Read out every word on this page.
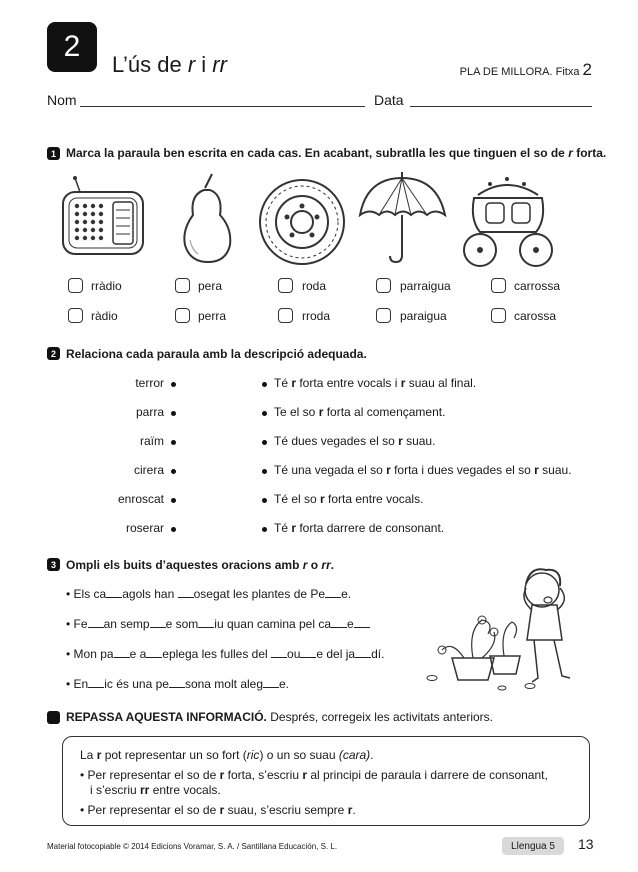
2
L’ús de r i rr	PLA DE MILLORA. Fitxa 2
Nom	Data
1 Marca la paraula ben escrita en cada cas. En acabant, subratlla les que tinguen el so de r forta.
rràdio	pera	roda	parraigua	carrossa
ràdio	perra	rroda	paraigua	carossa
2 Relaciona cada paraula amb la descripció adequada.
terror	Té r forta entre vocals i r suau al final.
parra	Te el so r forta al començament.
raïm	Té dues vegades el so r suau.
cirera	Té una vegada el so r forta i dues vegades el so r suau.
enroscat	Té el so r forta entre vocals.
roserar	Té r forta darrere de consonant.
3 Ompli els buits d’aquestes oracions amb r o rr.
• Els ca agols han osegat les plantes de Pe e.
• Fe an semp e som iu quan camina pel ca e
• Mon pa e a eplega les fulles del ou e del ja dí.
• En ic és una pe sona molt aleg e.
REPASSA AQUESTA INFORMACIÓ. Després, corregeix les activitats anteriors.
La r pot representar un so fort (ric) o un so suau (cara).
• Per representar el so de r forta, s’escriu r al principi de paraula i darrere de consonant,
i s’escriu rr entre vocals.
• Per representar el so de r suau, s’escriu sempre r.
Material fotocopiable © 2014 Edicions Voramar, S. A. / Santillana Educación, S. L.	Llengua 5	13
